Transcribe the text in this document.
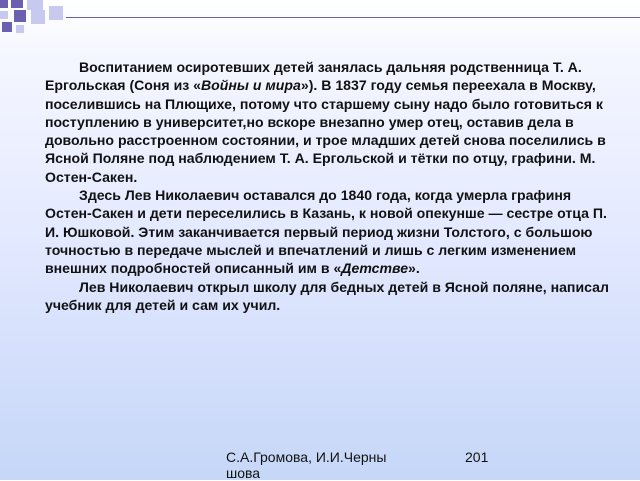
Воспитанием осиротевших детей занялась дальняя родственница Т. А. Ергольская (Соня из «Войны и мира»). В 1837 году семья переехала в Москву, поселившись на Плющихе, потому что старшему сыну надо было готовиться к поступлению в университет,но вскоре внезапно умер отец, оставив дела в довольно расстроенном состоянии, и трое младших детей снова поселились в Ясной Поляне под наблюдением Т. А. Ергольской и тётки по отцу, графини. М. Остен-Сакен.

Здесь Лев Николаевич оставался до 1840 года, когда умерла графиня Остен-Сакен и дети переселились в Казань, к новой опекунше — сестре отца П. И. Юшковой. Этим заканчивается первый период жизни Толстого, с большою точностью в передаче мыслей и впечатлений и лишь с легким изменением внешних подробностей описанный им в «Детстве».

Лев Николаевич открыл школу для бедных детей в Ясной поляне, написал учебник для детей и сам их учил.

С.А.Громова, И.И.Черны шова
201
